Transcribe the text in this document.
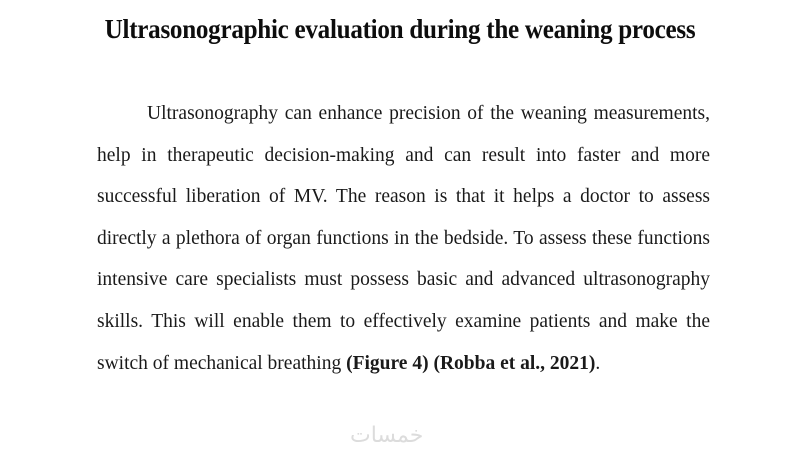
Ultrasonographic evaluation during the weaning process
Ultrasonography can enhance precision of the weaning measurements,
help in therapeutic decision-making and can result into faster and more
successful liberation of MV. The reason is that it helps a doctor to assess
directly a plethora of organ functions in the bedside. To assess these functions
intensive care specialists must possess basic and advanced ultrasonography
skills. This will enable them to effectively examine patients and make the
switch of mechanical breathing (Figure 4) (Robba et al., 2021).
خمسات
